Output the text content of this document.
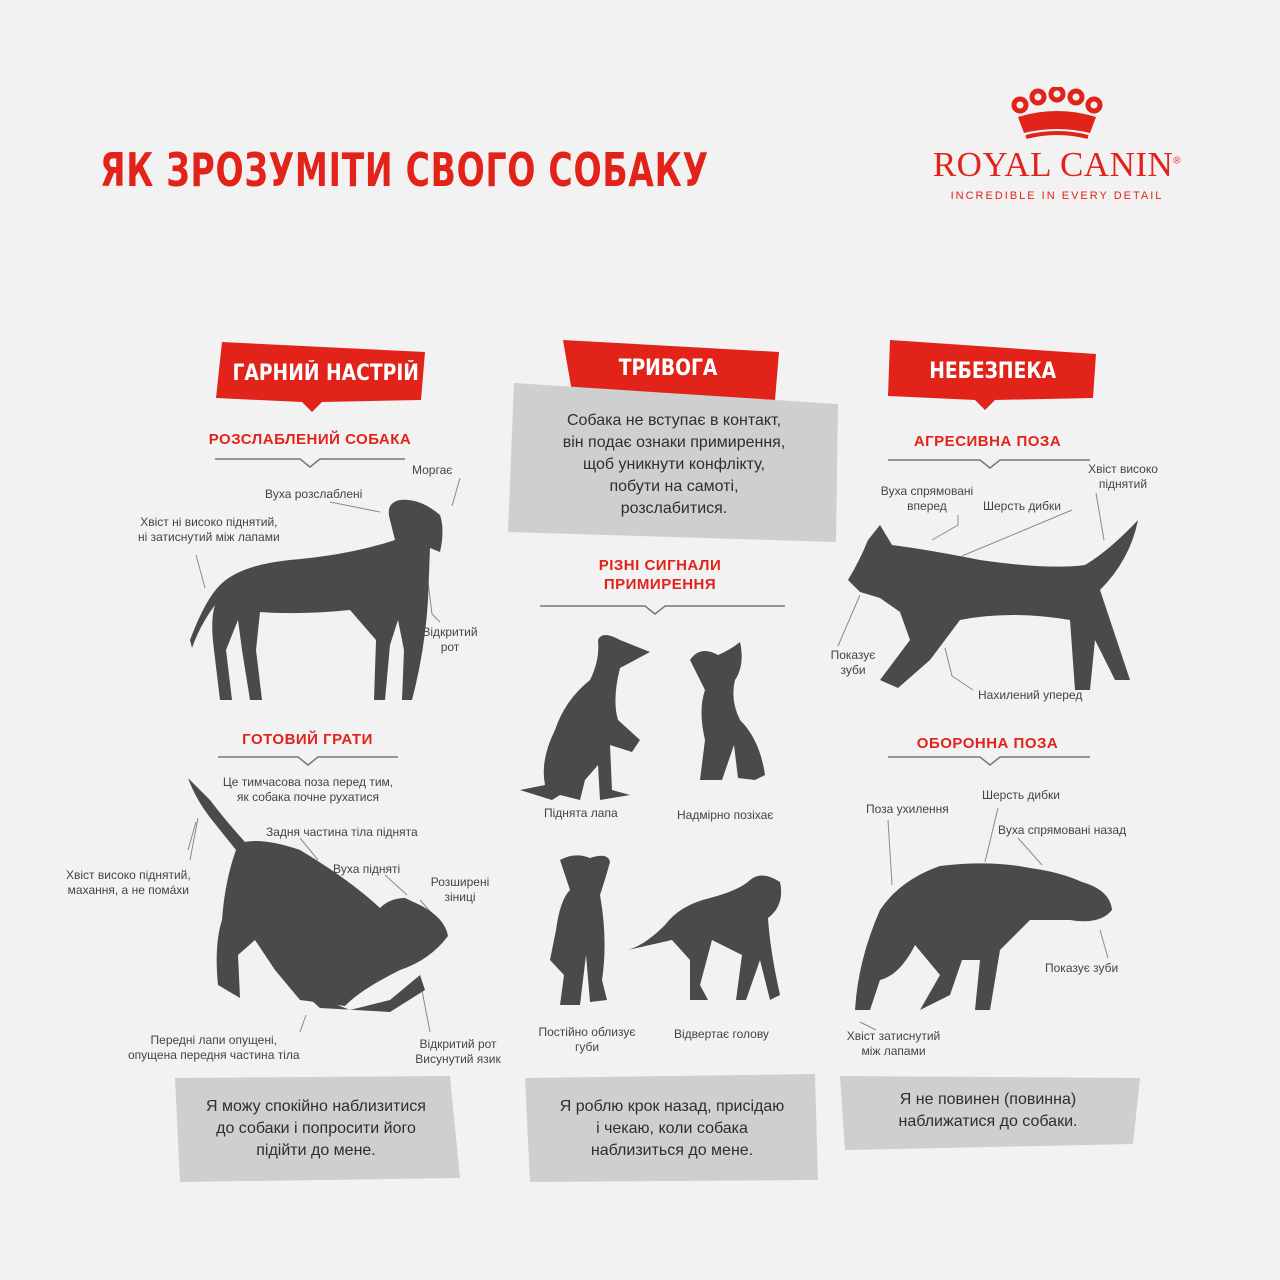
ЯК ЗРОЗУМІТИ СВОГО СОБАКУ	ROYAL CANIN®
INCREDIBLE IN EVERY DETAIL
ГАРНИЙ НАСТРІЙ	ТРИВОГА	НЕБЕЗПЕКА
Собака не вступає в контакт,
він подає ознаки примирення,
щоб уникнути конфлікту,
побути на самоті,
розслабитися.
РОЗСЛАБЛЕНИЙ СОБАКА
ГОТОВИЙ ГРАТИ
РІЗНІ СИГНАЛИ
ПРИМИРЕННЯ
АГРЕСИВНА ПОЗА
ОБОРОННА ПОЗА
Моргає
Вуха розслаблені
Хвіст ні високо піднятий,
ні затиснутий між лапами
Відкритий
рот
Це тимчасова поза перед тим,
як собака почне рухатися
Задня частина тіла піднята
Вуха підняті
Розширені
зіниці
Хвіст високо піднятий,
махання, а не помáхи
Передні лапи опущені,
опущена передня частина тіла
Відкритий рот
Висунутий язик
Піднята лапа	Надмірно позіхає
Постійно облизує
губи
Відвертає голову
Хвіст високо
піднятий
Вуха спрямовані
вперед	Шерсть дибки
Показує
зуби
Нахилений уперед
Поза ухилення
Шерсть дибки
Вуха спрямовані назад
Показує зуби
Хвіст затиснутий
між лапами
Я можу спокійно наблизитися
до собаки і попросити його
підійти до мене.
Я роблю крок назад, присідаю
і чекаю, коли собака
наблизиться до мене.
Я не повинен (повинна)
наближатися до собаки.
